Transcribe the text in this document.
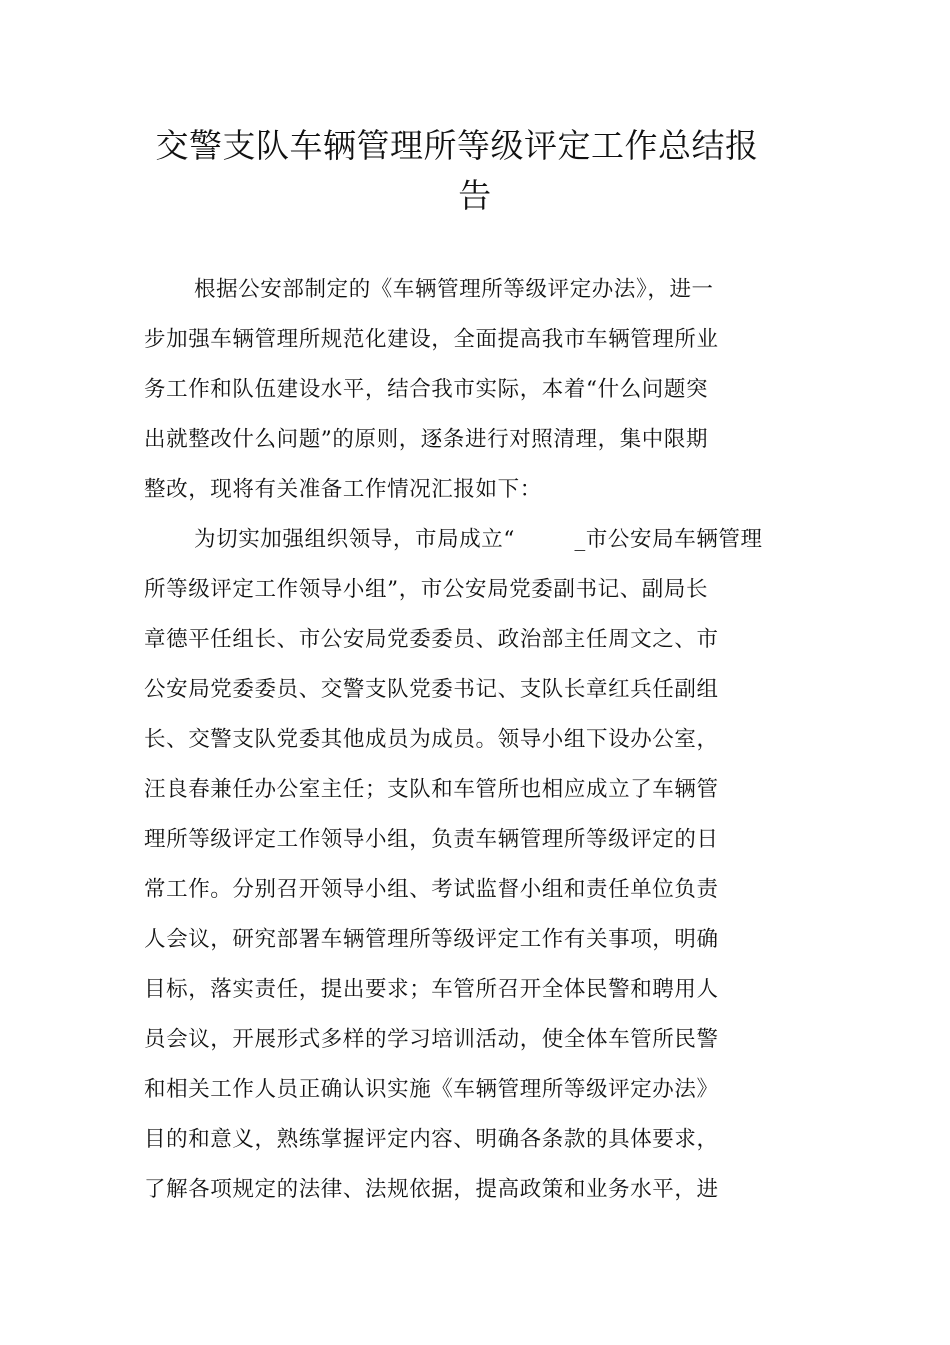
交警支队车辆管理所等级评定工作总结报
告
根据公安部制定的《车辆管理所等级评定办法》，进一
步加强车辆管理所规范化建设，全面提高我市车辆管理所业
务工作和队伍建设水平，结合我市实际，本着“什么问题突
出就整改什么问题”的原则，逐条进行对照清理，集中限期
整改，现将有关准备工作情况汇报如下：
为切实加强组织领导，市局成立“        _市公安局车辆管理
所等级评定工作领导小组”，市公安局党委副书记、副局长
章德平任组长、市公安局党委委员、政治部主任周文之、市
公安局党委委员、交警支队党委书记、支队长章红兵任副组
长、交警支队党委其他成员为成员。领导小组下设办公室，
汪良春兼任办公室主任；支队和车管所也相应成立了车辆管
理所等级评定工作领导小组，负责车辆管理所等级评定的日
常工作。分别召开领导小组、考试监督小组和责任单位负责
人会议，研究部署车辆管理所等级评定工作有关事项，明确
目标，落实责任，提出要求；车管所召开全体民警和聘用人
员会议，开展形式多样的学习培训活动，使全体车管所民警
和相关工作人员正确认识实施《车辆管理所等级评定办法》
目的和意义，熟练掌握评定内容、明确各条款的具体要求，
了解各项规定的法律、法规依据，提高政策和业务水平，进
